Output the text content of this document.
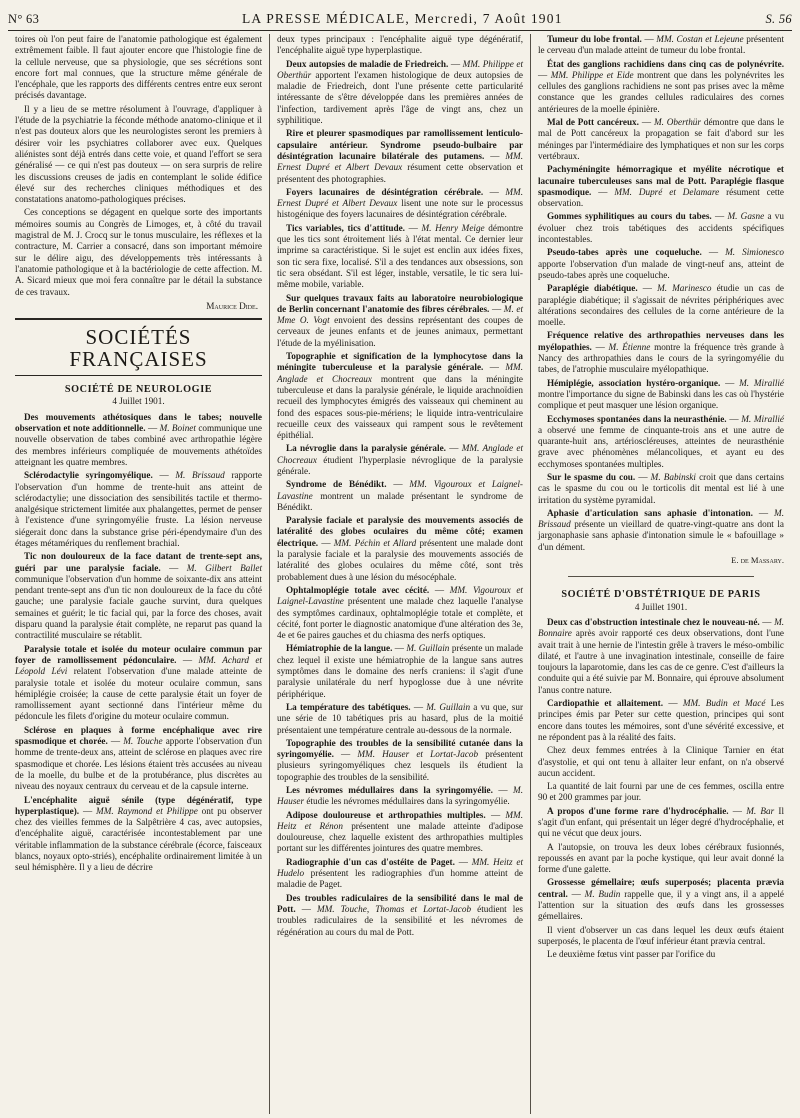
N° 63	LA PRESSE MÉDICALE, Mercredi, 7 Août 1901	S. 56

toires où l'on peut faire de l'anatomie pathologique est également extrêmement faible. Il faut ajouter encore que l'histologie fine de la cellule nerveuse, que sa physiologie, que ses sécrétions sont encore fort mal connues, que la structure même générale de l'encéphale, que les rapports des différents centres entre eux seront précisés davantage.

Il y a lieu de se mettre résolument à l'ouvrage, d'appliquer à l'étude de la psychiatrie la féconde méthode anatomo-clinique et il n'est pas douteux alors que les neurologistes seront les premiers à désirer voir les psychiatres collaborer avec eux. Quelques aliénistes sont déjà entrés dans cette voie, et quand l'effort se sera généralisé — ce qui n'est pas douteux — on sera surpris de relire les discussions creuses de jadis en contemplant le solide édifice élevé sur des recherches cliniques méthodiques et des constatations anatomo-pathologiques précises.

Ces conceptions se dégagent en quelque sorte des importants mémoires soumis au Congrès de Limoges, et, à côté du travail magistral de M. J. Crocq sur le tonus musculaire, les réflexes et la contracture, M. Carrier a consacré, dans son important mémoire sur le délire aigu, des développements très intéressants à l'anatomie pathologique et à la bactériologie de cette affection. M. A. Sicard mieux que moi fera connaître par le détail la substance de ces travaux.

Maurice Dide.

SOCIÉTÉS FRANÇAISES

SOCIÉTÉ DE NEUROLOGIE

4 Juillet 1901.

Des mouvements athétosiques dans le tabes; nouvelle observation et note additionnelle. — M. Boinet communique une nouvelle observation de tabes combiné avec arthropathie légère des membres inférieurs compliquée de mouvements athétoïdes atteignant les quatre membres.

Sclérodactylie syringomyélique. — M. Brissaud rapporte l'observation d'un homme de trente-huit ans atteint de sclérodactylie; une dissociation des sensibilités tactile et thermo-analgésique strictement limitée aux phalangettes, permet de penser à l'existence d'une syringomyélie fruste. La lésion nerveuse siégerait donc dans la substance grise péri-épendymaire d'un des étages métamériques du renflement brachial.

Tic non douloureux de la face datant de trente-sept ans, guéri par une paralysie faciale. — M. Gilbert Ballet communique l'observation d'un homme de soixante-dix ans atteint pendant trente-sept ans d'un tic non douloureux de la face du côté gauche; une paralysie faciale gauche survint, dura quelques semaines et guérit; le tic facial qui, par la force des choses, avait disparu quand la paralysie était complète, ne reparut pas quand la contractilité musculaire se rétablit.

Paralysie totale et isolée du moteur oculaire commun par foyer de ramollissement pédonculaire. — MM. Achard et Léopold Lévi relatent l'observation d'une malade atteinte de paralysie totale et isolée du moteur oculaire commun, sans hémiplégie croisée; la cause de cette paralysie était un foyer de ramollissement ayant sectionné dans l'intérieur même du pédoncule les filets d'origine du moteur oculaire commun.

Sclérose en plaques à forme encéphalique avec rire spasmodique et chorée. — M. Touche apporte l'observation d'un homme de trente-deux ans, atteint de sclérose en plaques avec rire spasmodique et chorée. Les lésions étaient très accusées au niveau de la moelle, du bulbe et de la protubérance, plus discrètes au niveau des noyaux centraux du cerveau et de la capsule interne.

L'encéphalite aiguë sénile (type dégénératif, type hyperplastique). — MM. Raymond et Philippe ont pu observer chez des vieilles femmes de la Salpêtrière 4 cas, avec autopsies, d'encéphalite aiguë, caractérisée incontestablement par une véritable inflammation de la substance cérébrale (écorce, faisceaux blancs, noyaux opto-striés), encéphalite ordinairement limitée à un seul hémisphère. Il y a lieu de décrire

deux types principaux : l'encéphalite aiguë type dégénératif, l'encéphalite aiguë type hyperplastique.

Deux autopsies de maladie de Friedreich. — MM. Philippe et Oberthür apportent l'examen histologique de deux autopsies de maladie de Friedreich, dont l'une présente cette particularité intéressante de s'être développée dans les premières années de l'infection, tardivement après l'âge de vingt ans, chez un syphilitique.

Rire et pleurer spasmodiques par ramollissement lenticulo-capsulaire antérieur. Syndrome pseudo-bulbaire par désintégration lacunaire bilatérale des putamens. — MM. Ernest Dupré et Albert Devaux résument cette observation et présentent des photographies.

Foyers lacunaires de désintégration cérébrale. — MM. Ernest Dupré et Albert Devaux lisent une note sur le processus histogénique des foyers lacunaires de désintégration cérébrale.

Tics variables, tics d'attitude. — M. Henry Meige démontre que les tics sont étroitement liés à l'état mental. Ce dernier leur imprime sa caractéristique. Si le sujet est enclin aux idées fixes, son tic sera fixe, localisé. S'il a des tendances aux obsessions, son tic sera obsédant. S'il est léger, instable, versatile, le tic sera lui-même mobile, variable.

Sur quelques travaux faits au laboratoire neurobiologique de Berlin concernant l'anatomie des fibres cérébrales. — M. et Mme O. Vogt envoient des dessins représentant des coupes de cerveaux de jeunes enfants et de jeunes animaux, permettant l'étude de la myélinisation.

Topographie et signification de la lymphocytose dans la méningite tuberculeuse et la paralysie générale. — MM. Anglade et Chocreaux montrent que dans la méningite tuberculeuse et dans la paralysie générale, le liquide arachnoïdien recueil des lymphocytes émigrés des vaisseaux qui cheminent au fond des espaces sous-pie-mériens; le liquide intra-ventriculaire recueille ceux des vaisseaux qui rampent sous le revêtement épithélial.

La névroglie dans la paralysie générale. — MM. Anglade et Chocreaux étudient l'hyperplasie névroglique de la paralysie générale.

Syndrome de Bénédikt. — MM. Vigouroux et Laignel-Lavastine montrent un malade présentant le syndrome de Bénédikt.

Paralysie faciale et paralysie des mouvements associés de latéralité des globes oculaires du même côté; examen électrique. — MM. Péchin et Allard présentent une malade dont la paralysie faciale et la paralysie des mouvements associés de latéralité des globes oculaires du même côté, sont très probablement dues à une lésion du mésocéphale.

Ophtalmoplégie totale avec cécité. — MM. Vigouroux et Laignel-Lavastine présentent une malade chez laquelle l'analyse des symptômes cardinaux, ophtalmoplégie totale et complète, et cécité, font porter le diagnostic anatomique d'une altération des 3e, 4e et 6e paires gauches et du chiasma des nerfs optiques.

Hémiatrophie de la langue. — M. Guillain présente un malade chez lequel il existe une hémiatrophie de la langue sans autres symptômes dans le domaine des nerfs craniens: il s'agit d'une paralysie unilatérale du nerf hypoglosse due à une névrite périphérique.

La température des tabétiques. — M. Guillain a vu que, sur une série de 10 tabétiques pris au hasard, plus de la moitié présentaient une température centrale au-dessous de la normale.

Topographie des troubles de la sensibilité cutanée dans la syringomyélie. — MM. Hauser et Lortat-Jacob présentent plusieurs syringomyéliques chez lesquels ils étudient la topographie des troubles de la sensibilité.

Les névromes médullaires dans la syringomyélie. — M. Hauser étudie les névromes médullaires dans la syringomyélie.

Adipose douloureuse et arthropathies multiples. — MM. Heitz et Rénon présentent une malade atteinte d'adipose douloureuse, chez laquelle existent des arthropathies multiples portant sur les différentes jointures des quatre membres.

Radiographie d'un cas d'ostéite de Paget. — MM. Heitz et Hudelo présentent les radiographies d'un homme atteint de maladie de Paget.

Des troubles radiculaires de la sensibilité dans le mal de Pott. — MM. Touche, Thomas et Lortat-Jacob étudient les troubles radiculaires de la sensibilité et les névromes de régénération au cours du mal de Pott.

Tumeur du lobe frontal. — MM. Costan et Lejeune présentent le cerveau d'un malade atteint de tumeur du lobe frontal.

État des ganglions rachidiens dans cinq cas de polynévrite. — MM. Philippe et Eide montrent que dans les polynévrites les cellules des ganglions rachidiens ne sont pas prises avec la même constance que les grandes cellules radiculaires des cornes antérieures de la moelle épinière.

Mal de Pott cancéreux. — M. Oberthür démontre que dans le mal de Pott cancéreux la propagation se fait d'abord sur les méninges par l'intermédiaire des lymphatiques et non sur les corps vertébraux.

Pachyméningite hémorragique et myélite nécrotique et lacunaire tuberculeuses sans mal de Pott. Paraplégie flasque spasmodique. — MM. Dupré et Delamare résument cette observation.

Gommes syphilitiques au cours du tabes. — M. Gasne a vu évoluer chez trois tabétiques des accidents spécifiques incontestables.

Pseudo-tabes après une coqueluche. — M. Simionesco apporte l'observation d'un malade de vingt-neuf ans, atteint de pseudo-tabes après une coqueluche.

Paraplégie diabétique. — M. Marinesco étudie un cas de paraplégie diabétique; il s'agissait de névrites périphériques avec altérations secondaires des cellules de la corne antérieure de la moelle.

Fréquence relative des arthropathies nerveuses dans les myélopathies. — M. Étienne montre la fréquence très grande à Nancy des arthropathies dans le cours de la syringomyélie du tabes, de l'atrophie musculaire myélopathique.

Hémiplégie, association hystéro-organique. — M. Mirallié montre l'importance du signe de Babinski dans les cas où l'hystérie complique et peut masquer une lésion organique.

Ecchymoses spontanées dans la neurasthénie. — M. Mirallié a observé une femme de cinquante-trois ans et une autre de quarante-huit ans, artérioscléreuses, atteintes de neurasthénie grave avec phénomènes mélancoliques, et ayant eu des ecchymoses spontanées multiples.

Sur le spasme du cou. — M. Babinski croit que dans certains cas le spasme du cou ou le torticolis dit mental est lié à une irritation du système pyramidal.

Aphasie d'articulation sans aphasie d'intonation. — M. Brissaud présente un vieillard de quatre-vingt-quatre ans dont la jargonaphasie sans aphasie d'intonation simule le « bafouillage » d'un dément.

E. de Massary.

SOCIÉTÉ D'OBSTÉTRIQUE DE PARIS

4 Juillet 1901.

Deux cas d'obstruction intestinale chez le nouveau-né. — M. Bonnaire après avoir rapporté ces deux observations, dont l'une avait trait à une hernie de l'intestin grêle à travers le méso-ombilic dilaté, et l'autre à une invagination intestinale, conseille de faire toujours la laparotomie, dans les cas de ce genre. C'est d'ailleurs la conduite qui a été suivie par M. Bonnaire, qui éprouve absolument l'anus contre nature.

Cardiopathie et allaitement. — MM. Budin et Macé Les principes émis par Peter sur cette question, principes qui sont encore dans toutes les mémoires, sont d'une sévérité excessive, et ne répondent pas à la réalité des faits.

Chez deux femmes entrées à la Clinique Tarnier en état d'asystolie, et qui ont tenu à allaiter leur enfant, on n'a observé aucun accident.

La quantité de lait fourni par une de ces femmes, oscilla entre 90 et 200 grammes par jour.

A propos d'une forme rare d'hydrocéphalie. — M. Bar Il s'agit d'un enfant, qui présentait un léger degré d'hydrocéphalie, et qui ne vécut que deux jours.

A l'autopsie, on trouva les deux lobes cérébraux fusionnés, repoussés en avant par la poche kystique, qui leur avait donné la forme d'une galette.

Grossesse gémellaire; œufs superposés; placenta prævia central. — M. Budin rappelle que, il y a vingt ans, il a appelé l'attention sur la situation des œufs dans les grossesses gémellaires.

Il vient d'observer un cas dans lequel les deux œufs étaient superposés, le placenta de l'œuf inférieur étant prævia central.

Le deuxième fœtus vint passer par l'orifice du
